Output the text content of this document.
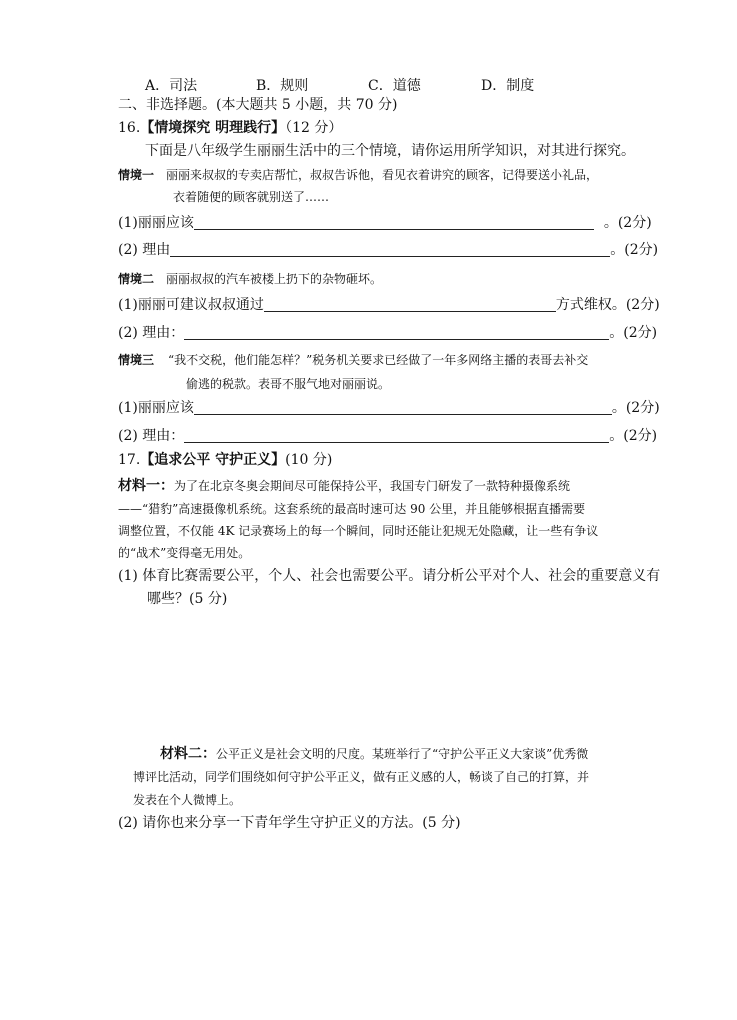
A．司法	B．规则	C．道德	D．制度
二、非选择题。(本大题共 5 小题，共 70 分)
16.【情境探究 明理践行】（12 分）
下面是八年级学生丽丽生活中的三个情境，请你运用所学知识，对其进行探究。
情境一 丽丽来叔叔的专卖店帮忙，叔叔告诉他，看见衣着讲究的顾客，记得要送小礼品，
衣着随便的顾客就别送了……
(1)丽丽应该	。(2分)
(2) 理由	。(2分)
情境二 丽丽叔叔的汽车被楼上扔下的杂物砸坏。
(1)丽丽可建议叔叔通过	方式维权。(2分)
(2) 理由：	。(2分)
情境三 “我不交税，他们能怎样？”税务机关要求已经做了一年多网络主播的表哥去补交
偷逃的税款。表哥不服气地对丽丽说。
(1)丽丽应该	。(2分)
(2) 理由：	。(2分)
17.【追求公平 守护正义】(10 分)
材料一：为了在北京冬奥会期间尽可能保持公平，我国专门研发了一款特种摄像系统
——“猎豹”高速摄像机系统。这套系统的最高时速可达 90 公里，并且能够根据直播需要
调整位置，不仅能 4K 记录赛场上的每一个瞬间，同时还能让犯规无处隐藏，让一些有争议
的“战术”变得毫无用处。
(1) 体育比赛需要公平，个人、社会也需要公平。请分析公平对个人、社会的重要意义有
哪些？(5 分)
材料二：公平正义是社会文明的尺度。某班举行了“守护公平正义大家谈”优秀微
博评比活动，同学们围绕如何守护公平正义，做有正义感的人，畅谈了自己的打算，并
发表在个人微博上。
(2) 请你也来分享一下青年学生守护正义的方法。(5 分)
